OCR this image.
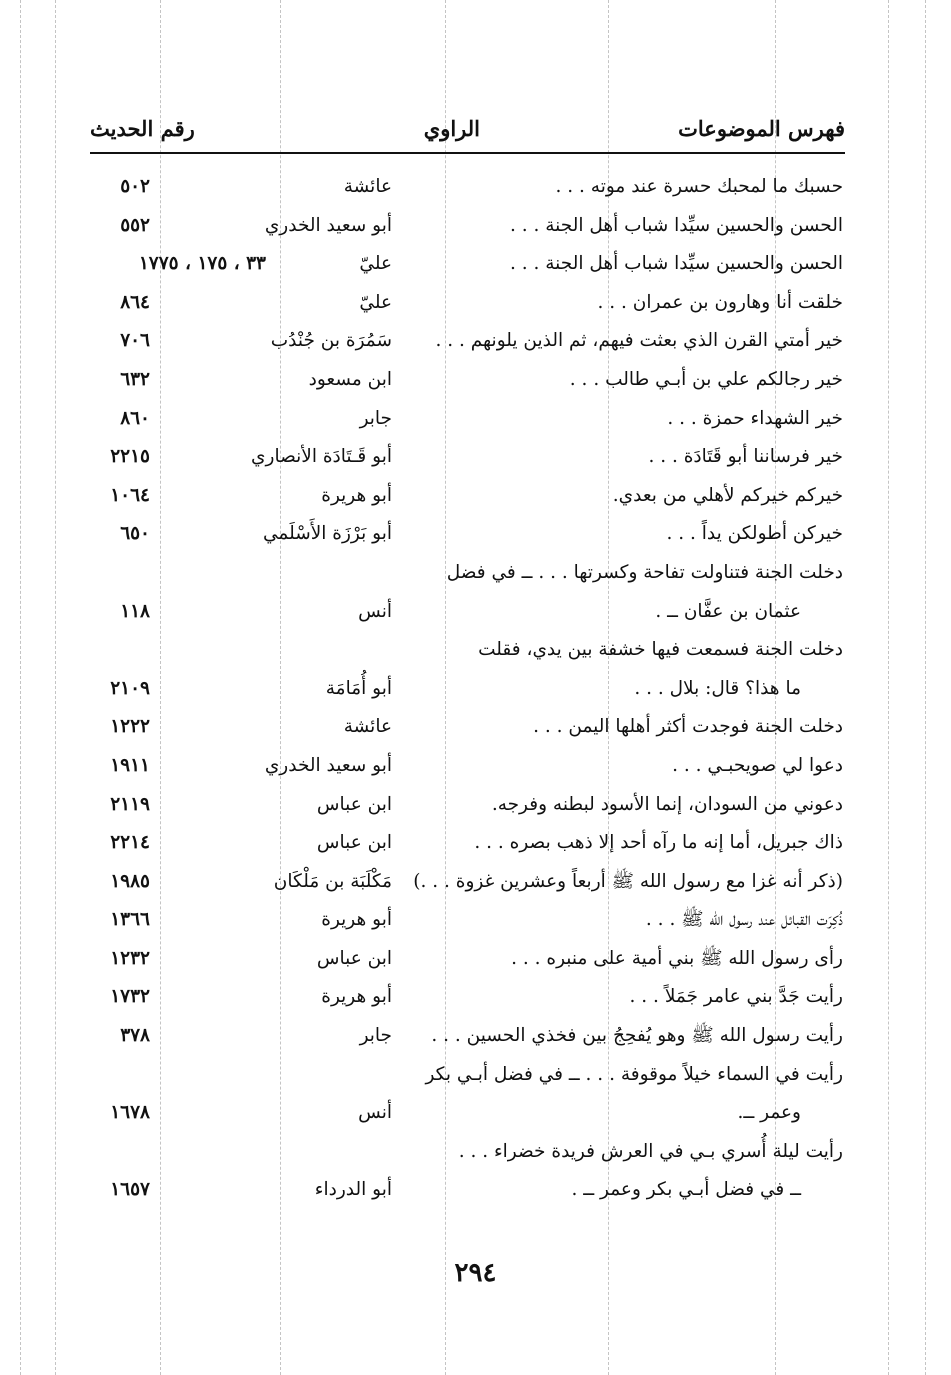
فهرس الموضوعات
الراوي
رقم الحديث
حسبك ما لمحبك حسرة عند موته . . .
عائشة
٥٠٢
الحسن والحسين سيِّدا شباب أهل الجنة . . .
أبو سعيد الخدري
٥٥٢
الحسن والحسين سيِّدا شباب أهل الجنة . . .
عليّ
٣٣ ، ١٧٥ ، ١٧٧٥
خلقت أنا وهارون بن عمران . . .
عليّ
٨٦٤
خير أمتي القرن الذي بعثت فيهم، ثم الذين يلونهم . . .
سَمُرَة بن جُنْدُب
٧٠٦
خير رجالكم علي بن أبـي طالب . . .
ابن مسعود
٦٣٢
خير الشهداء حمزة . . .
جابر
٨٦٠
خير فرساننا أبو قَتَادَة . . .
أبو قَـتَادَة الأنصاري
٢٢١٥
خيركم خيركم لأهلي من بعدي.
أبو هريرة
١٠٦٤
خيركن أطولكن يداً . . .
أبو بَرْزَة الأَسْلَمي
٦٥٠
دخلت الجنة فتناولت تفاحة وكسرتها . . . ــ في فضل
عثمان بن عفَّان ــ .
أنس
١١٨
دخلت الجنة فسمعت فيها خشفة بين يدي، فقلت
ما هذا؟ قال: بلال . . .
أبو أُمَامَة
٢١٠٩
دخلت الجنة فوجدت أكثر أهلها اليمن . . .
عائشة
١٢٢٢
دعوا لي صويحبـي . . .
أبو سعيد الخدري
١٩١١
دعوني من السودان، إنما الأسود لبطنه وفرجه.
ابن عباس
٢١١٩
ذاك جبريل، أما إنه ما رآه أحد إلا ذهب بصره . . .
ابن عباس
٢٢١٤
(ذكر أنه غزا مع رسول الله ﷺ أربعاً وعشرين غزوة . . .)
مَكْلَبَة بن مَلْكَان
١٩٨٥
ذُكِرَت القبائل عند رسول الله ﷺ . . .
أبو هريرة
١٣٦٦
رأى رسول الله ﷺ بني أمية على منبره . . .
ابن عباس
١٢٣٢
رأيت جَدَّ بني عامر جَمَلاً . . .
أبو هريرة
١٧٣٢
رأيت رسول الله ﷺ وهو يُفحِجُ بين فخذي الحسين . . .
جابر
٣٧٨
رأيت في السماء خيلاً موقوفة . . . ــ في فضل أبـي بكر
وعمر ــ.
أنس
١٦٧٨
رأيت ليلة أُسري بـي في العرش فريدة خضراء . . .
ــ في فضل أبـي بكر وعمر ــ .
أبو الدرداء
١٦٥٧
٢٩٤
